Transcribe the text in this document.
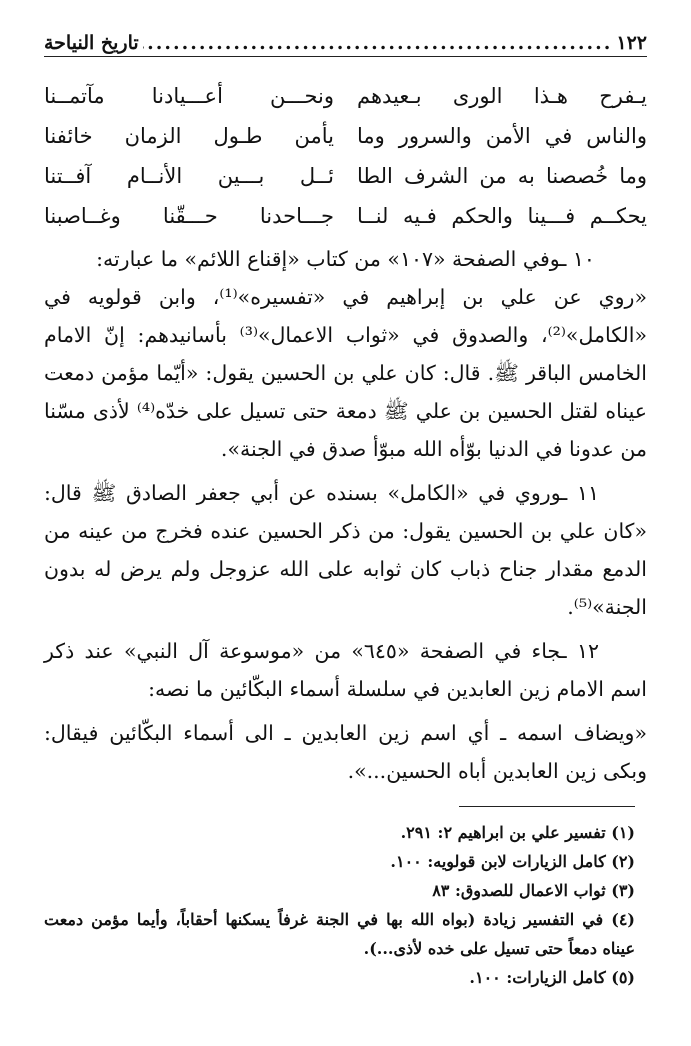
١٢٢
.....
تاريخ النياحة
يـفرح هـذا الورى بـعيدهم
ونحـــن أعـــيادنا مآتمــنا
والناس في الأمن والسرور وما
يأمن طـول الزمان خائفنا
وما خُصصنا به من الشرف الطا
ئــل بـــين الأنــام آفــتنا
يحكــم فـــينا والحكم فـيه لنــا
جـــاحدنا حـــقّنا وغــاصبنا

١٠ ـوفي الصفحة «١٠٧» من كتاب «إقناع اللائم» ما عبارته:

«روي عن علي بن إبراهيم في «تفسيره»⁽¹⁾، وابن قولويه في «الكامل»⁽²⁾، والصدوق في «ثواب الاعمال»⁽³⁾ بأسانيدهم: إنّ الامام الخامس الباقر ﷺ. قال: كان علي بن الحسين يقول: «أيّما مؤمن دمعت عيناه لقتل الحسين بن علي ﷺ دمعة حتى تسيل على خدّه⁽⁴⁾ لأذى مسّنا من عدونا في الدنيا بوّأه الله مبوّأ صدق في الجنة».

١١ ـوروي في «الكامل» بسنده عن أبي جعفر الصادق ﷺ قال: «كان علي بن الحسين يقول: من ذكر الحسين عنده فخرج من عينه من الدمع مقدار جناح ذباب كان ثوابه على الله عزوجل ولم يرض له بدون الجنة»⁽⁵⁾.

١٢ ـجاء في الصفحة «٦٤٥» من «موسوعة آل النبي» عند ذكر اسم الامام زين العابدين في سلسلة أسماء البكّائين ما نصه:

«ويضاف اسمه ـ أي اسم زين العابدين ـ الى أسماء البكّائين فيقال: وبكى زين العابدين أباه الحسين...».

(١) تفسير علي بن ابراهيم ٢: ٢٩١.

(٢) كامل الزيارات لابن قولويه: ١٠٠.

(٣) ثواب الاعمال للصدوق: ٨٣

(٤) في التفسير زيادة (بواه الله بها في الجنة غرفاً يسكنها أحقاباً، وأيما مؤمن دمعت عيناه دمعاً حتى تسيل على خده لأذى...).

(٥) كامل الزيارات: ١٠٠.
